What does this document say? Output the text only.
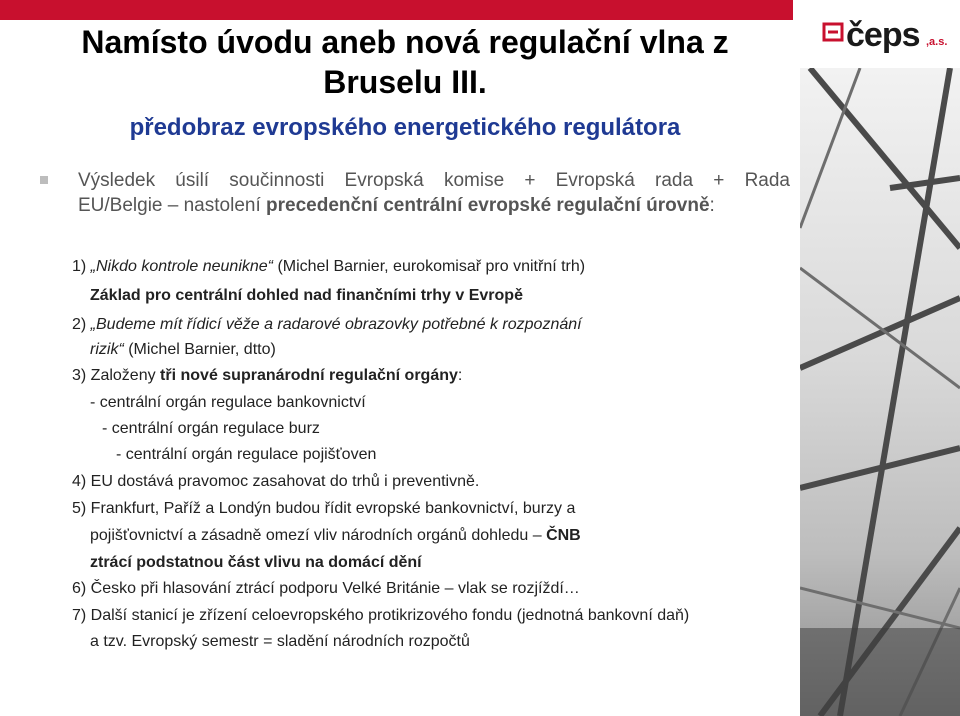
čeps ,a.s.
Namísto úvodu aneb nová regulační vlna z Bruselu III.
předobraz evropského energetického regulátora
Výsledek úsilí součinnosti Evropská komise + Evropská rada + Rada
EU/Belgie – nastolení precedenční centrální evropské regulační úrovně:
1) „Nikdo kontrole neunikne“ (Michel Barnier, eurokomisař pro vnitřní trh)
Základ pro centrální dohled nad finančními trhy v Evropě
2) „Budeme mít řídicí věže a radarové obrazovky potřebné k rozpoznání
rizik“ (Michel Barnier, dtto)
3) Založeny tři nové supranárodní regulační orgány:
- centrální orgán regulace bankovnictví
- centrální orgán regulace burz
- centrální orgán regulace pojišťoven
4) EU dostává pravomoc zasahovat do trhů i preventivně.
5) Frankfurt, Paříž a Londýn budou řídit evropské bankovnictví, burzy a
pojišťovnictví a zásadně omezí vliv národních orgánů dohledu – ČNB
ztrácí podstatnou část vlivu na domácí dění
6) Česko při hlasování ztrácí podporu Velké Británie – vlak se rozjíždí…
7) Další stanicí je zřízení celoevropského protikrizového fondu (jednotná bankovní daň)
a tzv. Evropský semestr = sladění národních rozpočtů
